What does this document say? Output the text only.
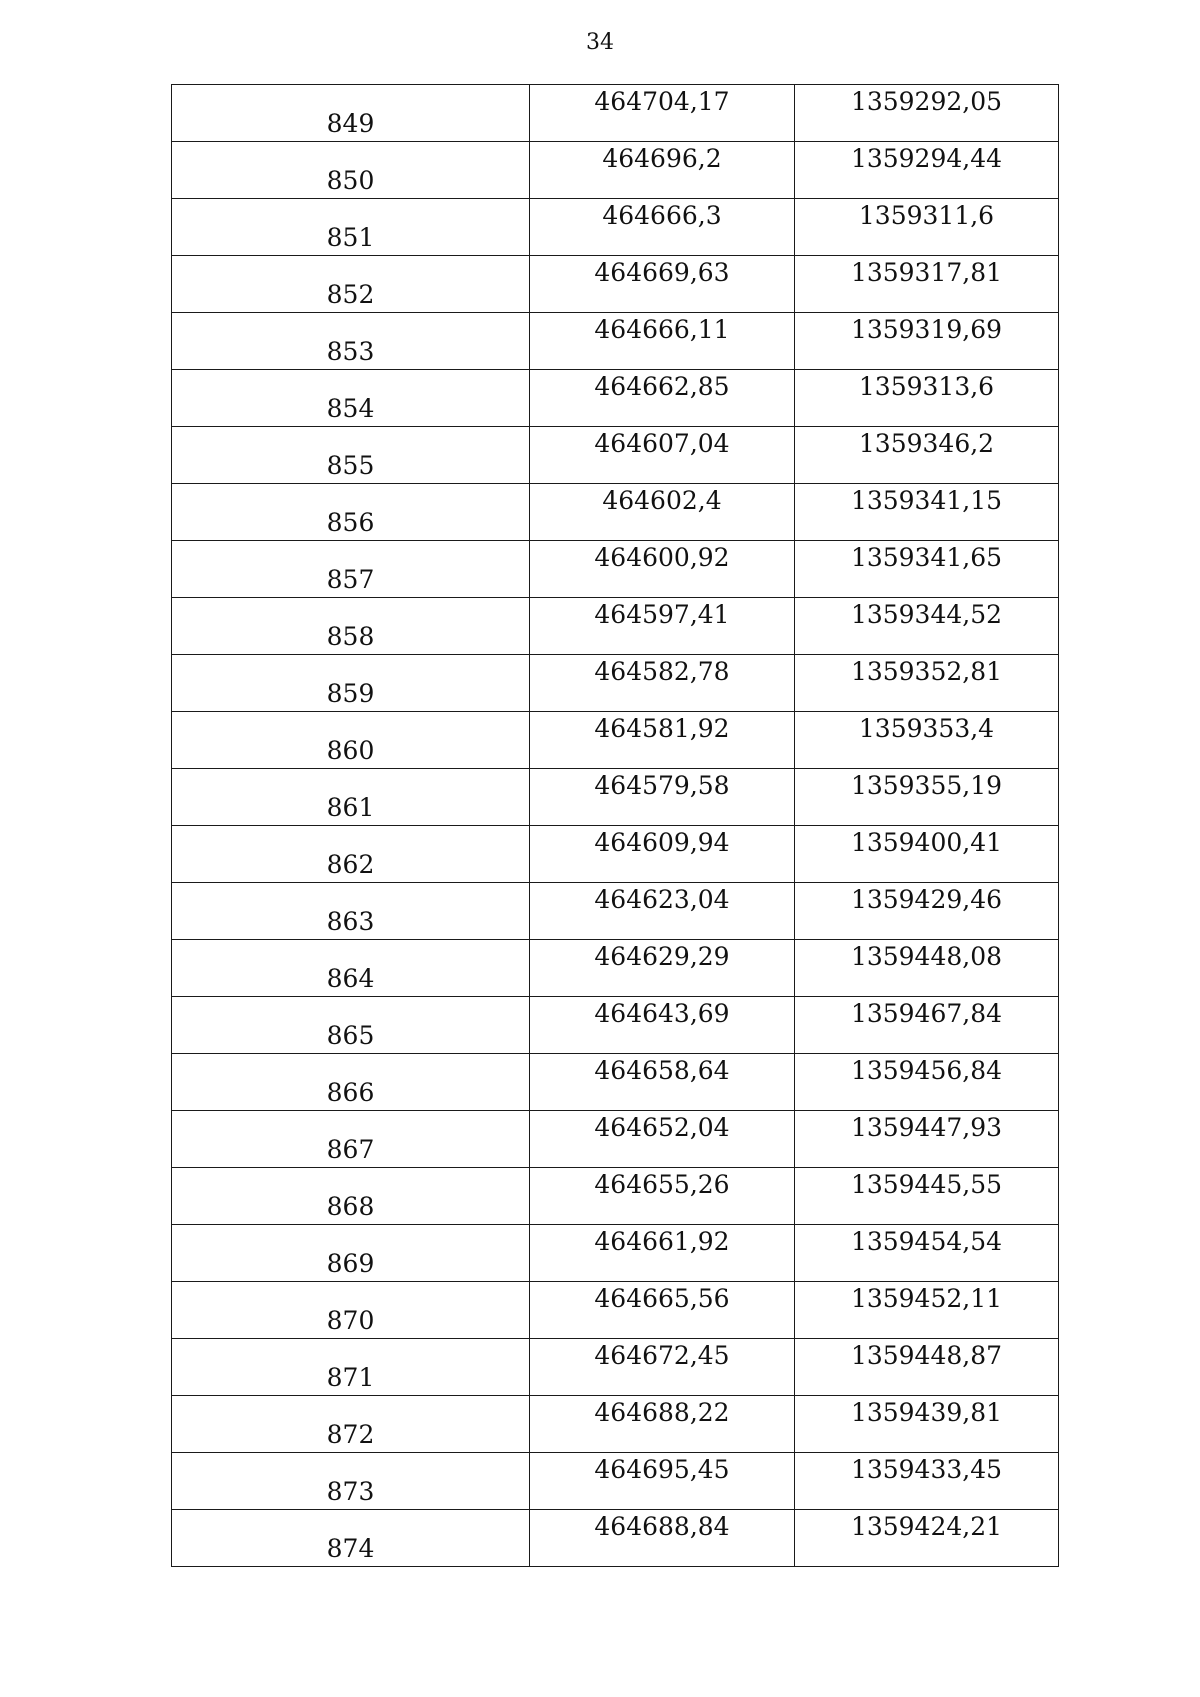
34
849	464704,17	1359292,05

850	464696,2	1359294,44

851	464666,3	1359311,6

852	464669,63	1359317,81

853	464666,11	1359319,69

854	464662,85	1359313,6

855	464607,04	1359346,2

856	464602,4	1359341,15

857	464600,92	1359341,65

858	464597,41	1359344,52

859	464582,78	1359352,81

860	464581,92	1359353,4

861	464579,58	1359355,19

862	464609,94	1359400,41

863	464623,04	1359429,46

864	464629,29	1359448,08

865	464643,69	1359467,84

866	464658,64	1359456,84

867	464652,04	1359447,93

868	464655,26	1359445,55

869	464661,92	1359454,54

870	464665,56	1359452,11

871	464672,45	1359448,87

872	464688,22	1359439,81

873	464695,45	1359433,45

874	464688,84	1359424,21
